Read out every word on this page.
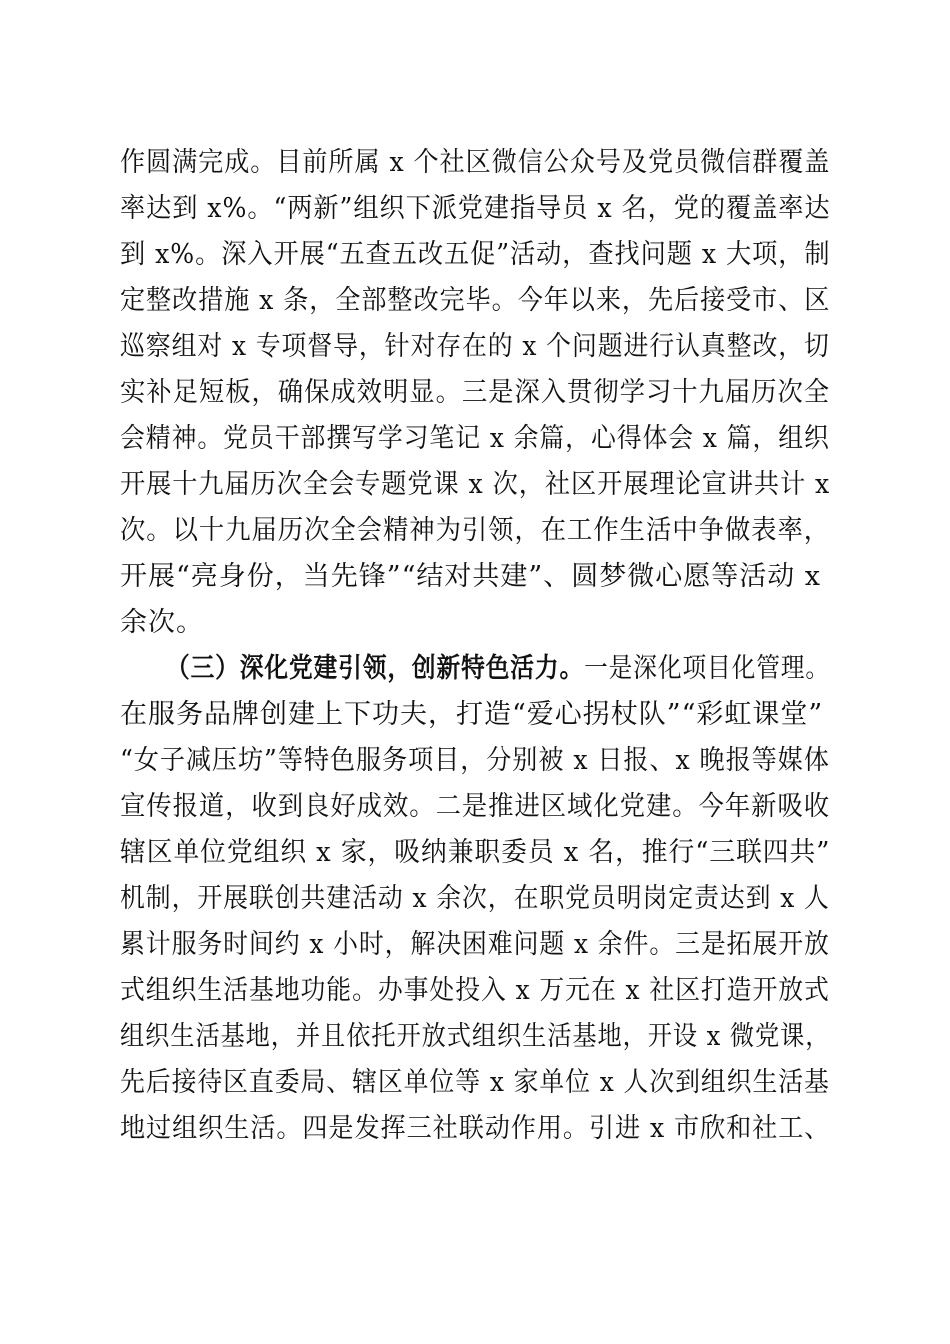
作圆满完成。目前所属 x 个社区微信公众号及党员微信群覆盖
率达到 x%。“两新”组织下派党建指导员 x 名，党的覆盖率达
到 x%。深入开展“五查五改五促”活动，查找问题 x 大项，制
定整改措施 x 条，全部整改完毕。今年以来，先后接受市、区
巡察组对 x 专项督导，针对存在的 x 个问题进行认真整改，切
实补足短板，确保成效明显。三是深入贯彻学习十九届历次全
会精神。党员干部撰写学习笔记 x 余篇，心得体会 x 篇，组织
开展十九届历次全会专题党课 x 次，社区开展理论宣讲共计 x
次。以十九届历次全会精神为引领，在工作生活中争做表率，
开展“亮身份，当先锋”“结对共建”、圆梦微心愿等活动 x
余次。
（三）深化党建引领，创新特色活力。一是深化项目化管理。
在服务品牌创建上下功夫，打造“爱心拐杖队”“彩虹课堂”
“女子减压坊”等特色服务项目，分别被 x 日报、x 晚报等媒体
宣传报道，收到良好成效。二是推进区域化党建。今年新吸收
辖区单位党组织 x 家，吸纳兼职委员 x 名，推行“三联四共”
机制，开展联创共建活动 x 余次，在职党员明岗定责达到 x 人
累计服务时间约 x 小时，解决困难问题 x 余件。三是拓展开放
式组织生活基地功能。办事处投入 x 万元在 x 社区打造开放式
组织生活基地，并且依托开放式组织生活基地，开设 x 微党课，
先后接待区直委局、辖区单位等 x 家单位 x 人次到组织生活基
地过组织生活。四是发挥三社联动作用。引进 x 市欣和社工、
